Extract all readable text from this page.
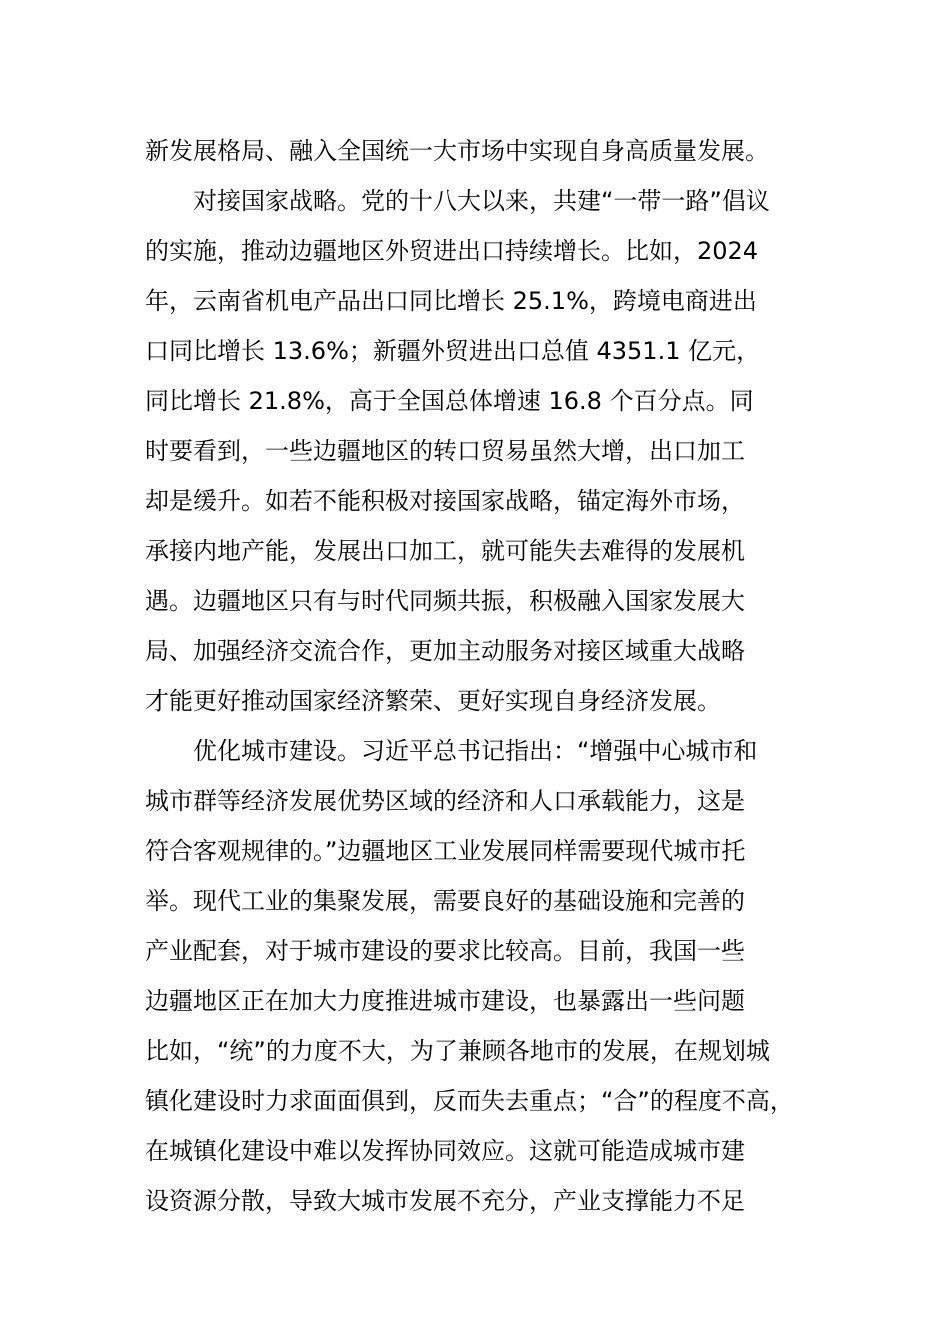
新发展格局、融入全国统一大市场中实现自身高质量发展。
对接国家战略。党的十八大以来，共建“一带一路”倡议
的实施，推动边疆地区外贸进出口持续增长。比如，2024
年，云南省机电产品出口同比增长 25.1%，跨境电商进出
口同比增长 13.6%；新疆外贸进出口总值 4351.1 亿元，
同比增长 21.8%，高于全国总体增速 16.8 个百分点。同
时要看到，一些边疆地区的转口贸易虽然大增，出口加工
却是缓升。如若不能积极对接国家战略，锚定海外市场，
承接内地产能，发展出口加工，就可能失去难得的发展机
遇。边疆地区只有与时代同频共振，积极融入国家发展大
局、加强经济交流合作，更加主动服务对接区域重大战略
才能更好推动国家经济繁荣、更好实现自身经济发展。
优化城市建设。习近平总书记指出：“增强中心城市和
城市群等经济发展优势区域的经济和人口承载能力，这是
符合客观规律的。”边疆地区工业发展同样需要现代城市托
举。现代工业的集聚发展，需要良好的基础设施和完善的
产业配套，对于城市建设的要求比较高。目前，我国一些
边疆地区正在加大力度推进城市建设，也暴露出一些问题
比如，“统”的力度不大，为了兼顾各地市的发展，在规划城
镇化建设时力求面面俱到，反而失去重点；“合”的程度不高，
在城镇化建设中难以发挥协同效应。这就可能造成城市建
设资源分散，导致大城市发展不充分，产业支撑能力不足
